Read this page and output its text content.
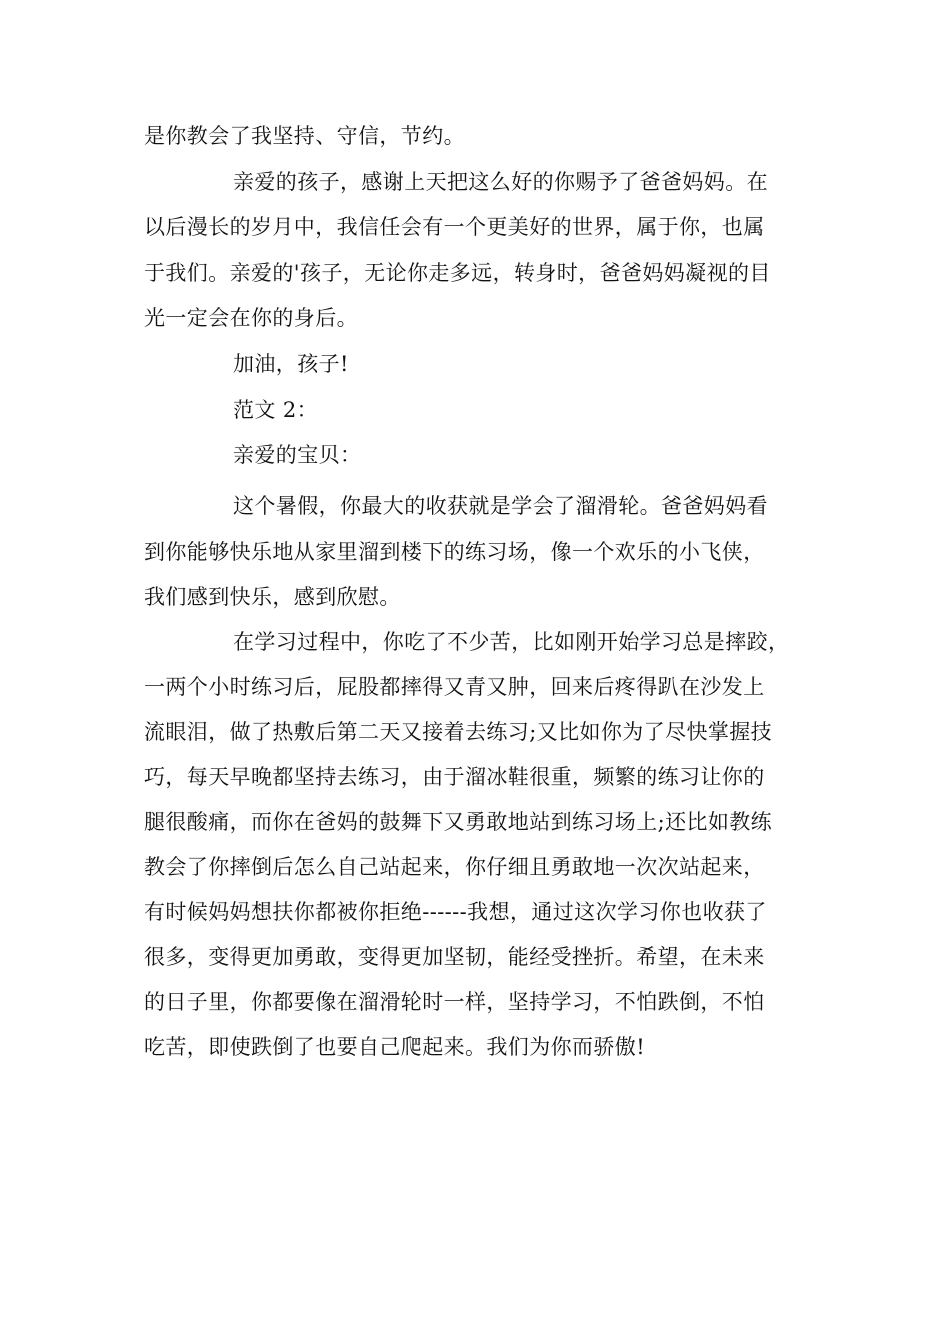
是你教会了我坚持、守信，节约。
亲爱的孩子，感谢上天把这么好的你赐予了爸爸妈妈。在
以后漫长的岁月中，我信任会有一个更美好的世界，属于你，也属
于我们。亲爱的'孩子，无论你走多远，转身时，爸爸妈妈凝视的目
光一定会在你的身后。
加油，孩子!
范文 2：
亲爱的宝贝：
这个暑假，你最大的收获就是学会了溜滑轮。爸爸妈妈看
到你能够快乐地从家里溜到楼下的练习场，像一个欢乐的小飞侠，
我们感到快乐，感到欣慰。
在学习过程中，你吃了不少苦，比如刚开始学习总是摔跤，
一两个小时练习后，屁股都摔得又青又肿，回来后疼得趴在沙发上
流眼泪，做了热敷后第二天又接着去练习;又比如你为了尽快掌握技
巧，每天早晚都坚持去练习，由于溜冰鞋很重，频繁的练习让你的
腿很酸痛，而你在爸妈的鼓舞下又勇敢地站到练习场上;还比如教练
教会了你摔倒后怎么自己站起来，你仔细且勇敢地一次次站起来，
有时候妈妈想扶你都被你拒绝------我想，通过这次学习你也收获了
很多，变得更加勇敢，变得更加坚韧，能经受挫折。希望，在未来
的日子里，你都要像在溜滑轮时一样，坚持学习，不怕跌倒，不怕
吃苦，即使跌倒了也要自己爬起来。我们为你而骄傲!
